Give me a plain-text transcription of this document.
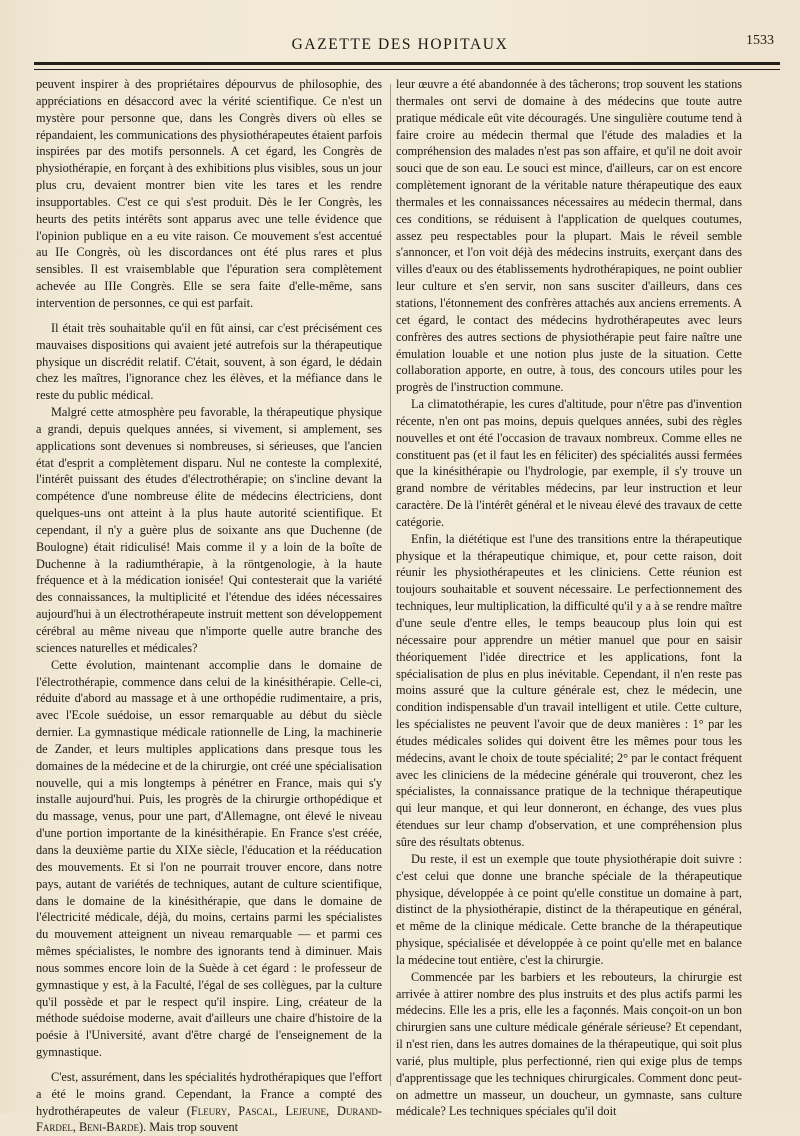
GAZETTE DES HOPITAUX	1533

peuvent inspirer à des propriétaires dépourvus de philosophie, des appréciations en désaccord avec la vérité scientifique. Ce n'est un mystère pour personne que, dans les Congrès divers où elles se répandaient, les communications des physiothérapeutes étaient parfois inspirées par des motifs personnels. A cet égard, les Congrès de physiothérapie, en forçant à des exhibitions plus visibles, sous un jour plus cru, devaient montrer bien vite les tares et les rendre insupportables. C'est ce qui s'est produit. Dès le Ier Congrès, les heurts des petits intérêts sont apparus avec une telle évidence que l'opinion publique en a eu vite raison. Ce mouvement s'est accentué au IIe Congrès, où les discordances ont été plus rares et plus sensibles. Il est vraisemblable que l'épuration sera complètement achevée au IIIe Congrès. Elle se sera faite d'elle-même, sans intervention de personnes, ce qui est parfait.

Il était très souhaitable qu'il en fût ainsi, car c'est précisément ces mauvaises dispositions qui avaient jeté autrefois sur la thérapeutique physique un discrédit relatif. C'était, souvent, à son égard, le dédain chez les maîtres, l'ignorance chez les élèves, et la méfiance dans le reste du public médical.

Malgré cette atmosphère peu favorable, la thérapeutique physique a grandi, depuis quelques années, si vivement, si amplement, ses applications sont devenues si nombreuses, si sérieuses, que l'ancien état d'esprit a complètement disparu. Nul ne conteste la complexité, l'intérêt puissant des études d'électrothérapie; on s'incline devant la compétence d'une nombreuse élite de médecins électriciens, dont quelques-uns ont atteint à la plus haute autorité scientifique. Et cependant, il n'y a guère plus de soixante ans que Duchenne (de Boulogne) était ridiculisé! Mais comme il y a loin de la boîte de Duchenne à la radiumthérapie, à la röntgenologie, à la haute fréquence et à la médication ionisée! Qui contesterait que la variété des connaissances, la multiplicité et l'étendue des idées nécessaires aujourd'hui à un électrothérapeute instruit mettent son développement cérébral au même niveau que n'importe quelle autre branche des sciences naturelles et médicales?

Cette évolution, maintenant accomplie dans le domaine de l'électrothérapie, commence dans celui de la kinésithérapie. Celle-ci, réduite d'abord au massage et à une orthopédie rudimentaire, a pris, avec l'Ecole suédoise, un essor remarquable au début du siècle dernier. La gymnastique médicale rationnelle de Ling, la machinerie de Zander, et leurs multiples applications dans presque tous les domaines de la médecine et de la chirurgie, ont créé une spécialisation nouvelle, qui a mis longtemps à pénétrer en France, mais qui s'y installe aujourd'hui. Puis, les progrès de la chirurgie orthopédique et du massage, venus, pour une part, d'Allemagne, ont élevé le niveau d'une portion importante de la kinésithérapie. En France s'est créée, dans la deuxième partie du XIXe siècle, l'éducation et la rééducation des mouvements. Et si l'on ne pourrait trouver encore, dans notre pays, autant de variétés de techniques, autant de culture scientifique, dans le domaine de la kinésithérapie, que dans le domaine de l'électricité médicale, déjà, du moins, certains parmi les spécialistes du mouvement atteignent un niveau remarquable — et parmi ces mêmes spécialistes, le nombre des ignorants tend à diminuer. Mais nous sommes encore loin de la Suède à cet égard : le professeur de gymnastique y est, à la Faculté, l'égal de ses collègues, par la culture qu'il possède et par le respect qu'il inspire. Ling, créateur de la méthode suédoise moderne, avait d'ailleurs une chaire d'histoire de la poésie à l'Université, avant d'être chargé de l'enseignement de la gymnastique.

C'est, assurément, dans les spécialités hydrothérapiques que l'effort a été le moins grand. Cependant, la France a compté des hydrothérapeutes de valeur (Fleury, Pascal, Lejeune, Durand-Fardel, Beni-Barde). Mais trop souvent

leur œuvre a été abandonnée à des tâcherons; trop souvent les stations thermales ont servi de domaine à des médecins que toute autre pratique médicale eût vite découragés. Une singulière coutume tend à faire croire au médecin thermal que l'étude des maladies et la compréhension des malades n'est pas son affaire, et qu'il ne doit avoir souci que de son eau. Le souci est mince, d'ailleurs, car on est encore complètement ignorant de la véritable nature thérapeutique des eaux thermales et les connaissances nécessaires au médecin thermal, dans ces conditions, se réduisent à l'application de quelques coutumes, assez peu respectables pour la plupart. Mais le réveil semble s'annoncer, et l'on voit déjà des médecins instruits, exerçant dans des villes d'eaux ou des établissements hydrothérapiques, ne point oublier leur culture et s'en servir, non sans susciter d'ailleurs, dans ces stations, l'étonnement des confrères attachés aux anciens errements. A cet égard, le contact des médecins hydrothérapeutes avec leurs confrères des autres sections de physiothérapie peut faire naître une émulation louable et une notion plus juste de la situation. Cette collaboration apporte, en outre, à tous, des concours utiles pour les progrès de l'instruction commune.

La climatothérapie, les cures d'altitude, pour n'être pas d'invention récente, n'en ont pas moins, depuis quelques années, subi des règles nouvelles et ont été l'occasion de travaux nombreux. Comme elles ne constituent pas (et il faut les en féliciter) des spécialités aussi fermées que la kinésithérapie ou l'hydrologie, par exemple, il s'y trouve un grand nombre de véritables médecins, par leur instruction et leur caractère. De là l'intérêt général et le niveau élevé des travaux de cette catégorie.

Enfin, la diététique est l'une des transitions entre la thérapeutique physique et la thérapeutique chimique, et, pour cette raison, doit réunir les physiothérapeutes et les cliniciens. Cette réunion est toujours souhaitable et souvent nécessaire. Le perfectionnement des techniques, leur multiplication, la difficulté qu'il y a à se rendre maître d'une seule d'entre elles, le temps beaucoup plus loin qui est nécessaire pour apprendre un métier manuel que pour en saisir théoriquement l'idée directrice et les applications, font la spécialisation de plus en plus inévitable. Cependant, il n'en reste pas moins assuré que la culture générale est, chez le médecin, une condition indispensable d'un travail intelligent et utile. Cette culture, les spécialistes ne peuvent l'avoir que de deux manières : 1° par les études médicales solides qui doivent être les mêmes pour tous les médecins, avant le choix de toute spécialité; 2° par le contact fréquent avec les cliniciens de la médecine générale qui trouveront, chez les spécialistes, la connaissance pratique de la technique thérapeutique qui leur manque, et qui leur donneront, en échange, des vues plus étendues sur leur champ d'observation, et une compréhension plus sûre des résultats obtenus.

Du reste, il est un exemple que toute physiothérapie doit suivre : c'est celui que donne une branche spéciale de la thérapeutique physique, développée à ce point qu'elle constitue un domaine à part, distinct de la physiothérapie, distinct de la thérapeutique en général, et même de la clinique médicale. Cette branche de la thérapeutique physique, spécialisée et développée à ce point qu'elle met en balance la médecine tout entière, c'est la chirurgie.

Commencée par les barbiers et les rebouteurs, la chirurgie est arrivée à attirer nombre des plus instruits et des plus actifs parmi les médecins. Elle les a pris, elle les a façonnés. Mais conçoit-on un bon chirurgien sans une culture médicale générale sérieuse? Et cependant, il n'est rien, dans les autres domaines de la thérapeutique, qui soit plus varié, plus multiple, plus perfectionné, rien qui exige plus de temps d'apprentissage que les techniques chirurgicales. Comment donc peut-on admettre un masseur, un doucheur, un gymnaste, sans culture médicale? Les techniques spéciales qu'il doit
